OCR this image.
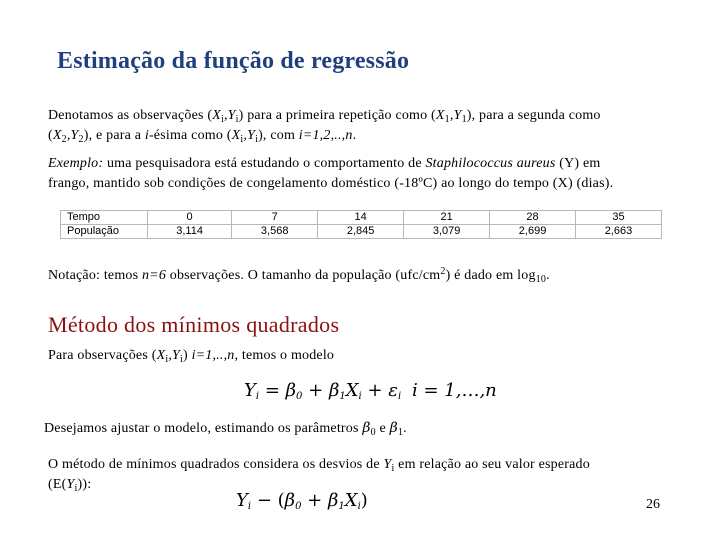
Estimação da função de regressão
Denotamos as observações $(X_i,Y_i)$ para a primeira repetição como $(X_1,Y_1)$, para a segunda como
$(X_2,Y_2)$, e para a i-ésima como $(X_i,Y_i)$, com i=1,2,..,n.
Exemplo: uma pesquisadora está estudando o comportamento de Staphilococcus aureus (Y) em
frango, mantido sob condições de congelamento doméstico (-18ºC) ao longo do tempo (X) (dias).
Tempo	0	7	14	21	28	35
População	3,114	3,568	2,845	3,079	2,699	2,663
Notação: temos n=6 observações. O tamanho da população $(ufc/cm^2)$ é dado em $\log_{10}$.
Método dos mínimos quadrados
Para observações $(X_i,Y_i)$ i=1,..,n, temos o modelo
$Y_i = \beta_0 + \beta_1X_i + \varepsilon_i$ i = 1,…,n
Desejamos ajustar o modelo, estimando os parâmetros $\beta_0$ e $\beta_1$.
O método de mínimos quadrados considera os desvios de $Y_i$ em relação ao seu valor esperado
$(E(Y_i))$:
$Y_i - (\beta_0 + \beta_1X_i)$	26
